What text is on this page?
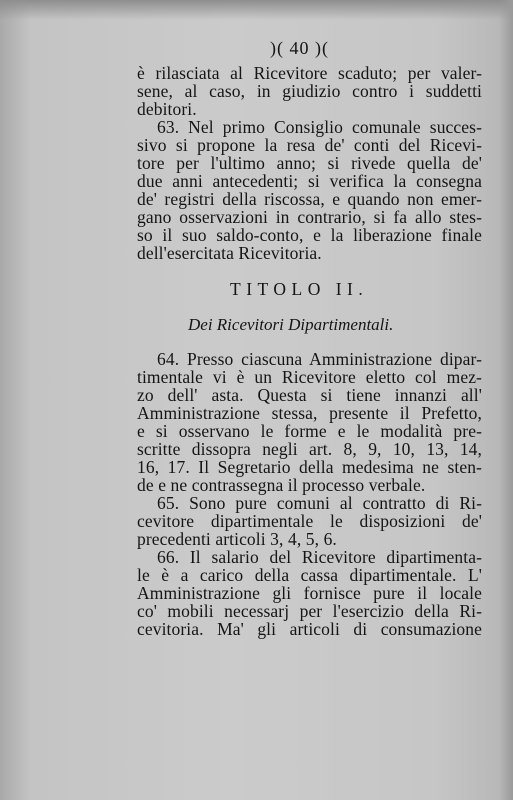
)( 40 )(
è rilasciata al Ricevitore scaduto; per valer-
sene, al caso, in giudizio contro i suddetti
debitori.
63. Nel primo Consiglio comunale succes-
sivo si propone la resa de' conti del Ricevi-
tore per l'ultimo anno; si rivede quella de'
due anni antecedenti; si verifica la consegna
de' registri della riscossa, e quando non emer-
gano osservazioni in contrario, si fa allo stes-
so il suo saldo-conto, e la liberazione finale
dell'esercitata Ricevitoria.
TITOLO II.
Dei Ricevitori Dipartimentali.
64. Presso ciascuna Amministrazione dipar-
timentale vi è un Ricevitore eletto col mez-
zo dell' asta. Questa si tiene innanzi all'
Amministrazione stessa, presente il Prefetto,
e si osservano le forme e le modalità pre-
scritte dissopra negli art. 8, 9, 10, 13, 14,
16, 17. Il Segretario della medesima ne sten-
de e ne contrassegna il processo verbale.
65. Sono pure comuni al contratto di Ri-
cevitore dipartimentale le disposizioni de'
precedenti articoli 3, 4, 5, 6.
66. Il salario del Ricevitore dipartimenta-
le è a carico della cassa dipartimentale. L'
Amministrazione gli fornisce pure il locale
co' mobili necessarj per l'esercizio della Ri-
cevitoria. Ma' gli articoli di consumazione
